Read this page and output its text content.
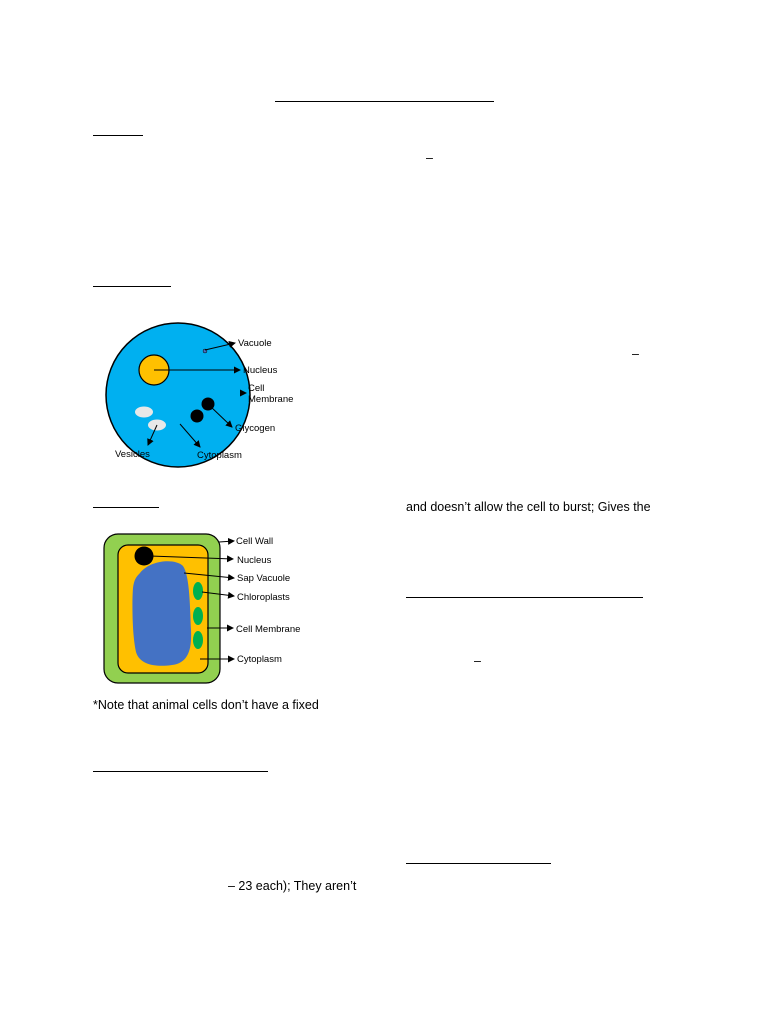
–
–
and doesn’t allow the cell to burst; Gives the
–
*Note that animal cells don’t have a fixed
– 23 each); They aren’t
Vacuole
Nucleus
Cell
Membrane
Glycogen
Vesicles	Cytoplasm
Cell Wall
Nucleus
Sap Vacuole
Chloroplasts
Cell Membrane
Cytoplasm
